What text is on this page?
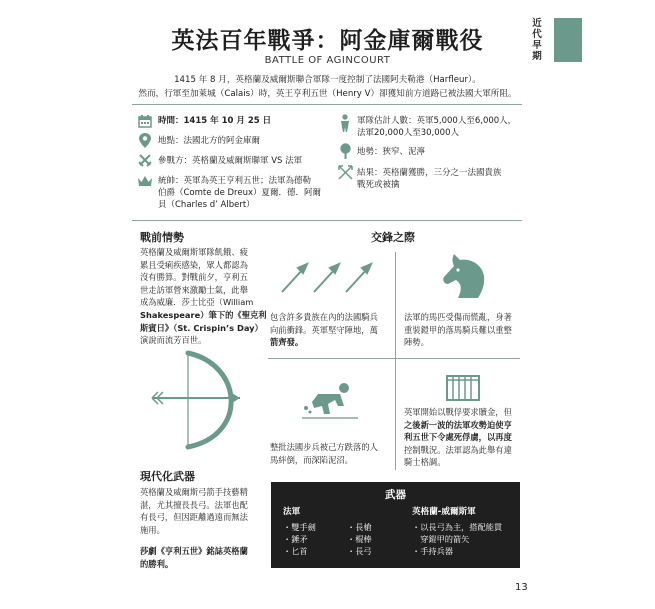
英法百年戰爭：阿金庫爾戰役
BATTLE OF AGINCOURT
近代早期
1415 年 8 月，英格蘭及威爾斯聯合軍隊一度控制了法國阿夫勒港（Harfleur）。
然而，行軍至加萊城（Calais）時，英王亨利五世（Henry V）卻獲知前方道路已被法國大軍所阻。
時間：1415 年 10 月 25 日
地點：法國北方的阿金庫爾
參戰方：英格蘭及威爾斯聯軍 VS 法軍
統帥：英軍為英王亨利五世；法軍為德勒
伯爵（Comte de Dreux）夏爾．德．阿爾
貝（Charles d’ Albert）
軍隊估計人數：英軍5,000人至6,000人，
法軍20,000人至30,000人
地勢：狹窄、泥濘
結果：英格蘭獲勝，三分之一法國貴族
戰死或被擒
戰前情勢
英格蘭及威爾斯軍隊飢餓、疲
累且受痢疾感染，眾人都認為
沒有勝算。對戰前夕，亨利五
世走訪軍營來激勵士氣，此舉
成為威廉．莎士比亞（William
Shakespeare）筆下的《聖克利
斯賓日》（St. Crispin’s Day）
演說而流芳百世。
交鋒之際
包含許多貴族在內的法國騎兵
向前衝鋒。英軍堅守陣地，萬
箭齊發。
法軍的馬匹受傷而慌亂，身著
重裝鎧甲的落馬騎兵難以重整
陣勢。
整批法國步兵被己方跌落的人
馬絆倒，而深陷泥沼。
英軍開始以戰俘要求贖金，但
之後新一波的法軍攻勢迫使亨
利五世下令處死俘虜，以再度
控制戰況。法軍認為此舉有違
騎士格調。
現代化武器
英格蘭及威爾斯弓箭手技藝精
湛，尤其擅長長弓。法軍也配
有長弓，但因距離過遠而無法
施用。
莎劇《亨利五世》銘誌英格蘭
的勝利。
武器
法軍
・雙手劍
・錘矛
・匕首
・長槍
・棍棒
・長弓
英格蘭-威爾斯軍
・以長弓為主，搭配能貫
　穿鎧甲的箭矢
・手持兵器
13
